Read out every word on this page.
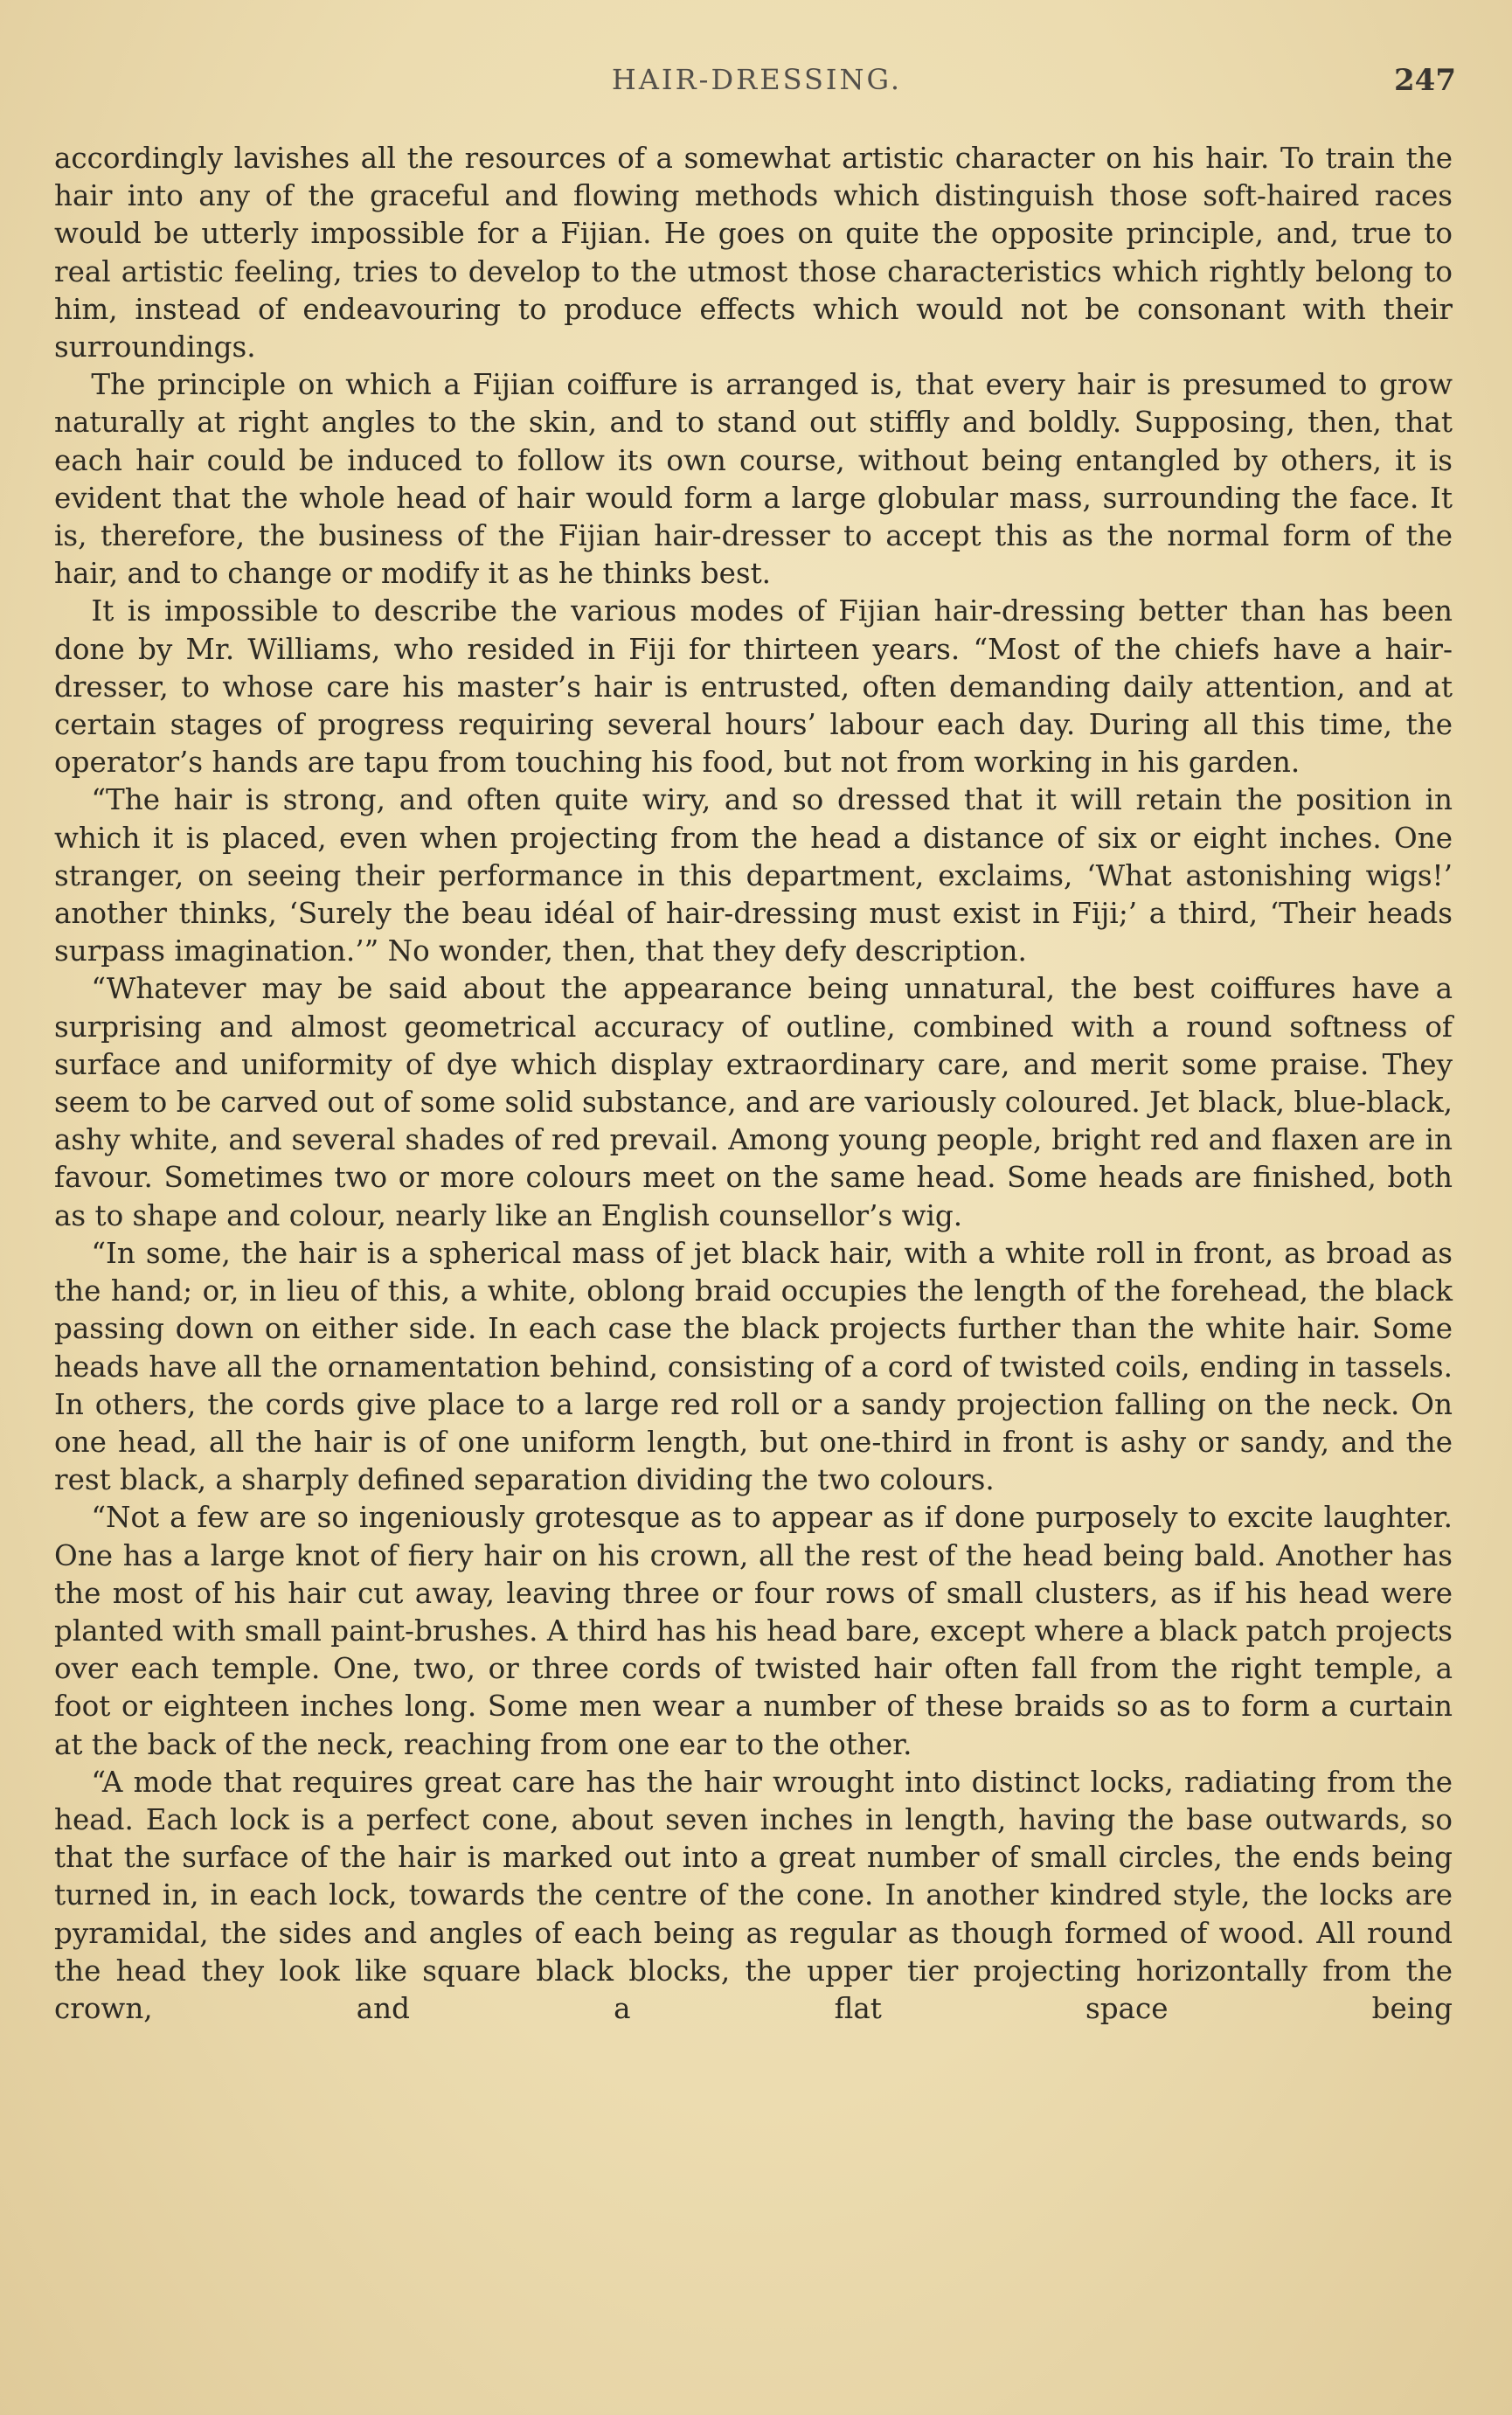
HAIR-DRESSING.	247

accordingly lavishes all the resources of a somewhat artistic character on his hair. To train the hair into any of the graceful and flowing methods which distinguish those soft-haired races would be utterly impossible for a Fijian. He goes on quite the opposite principle, and, true to real artistic feeling, tries to develop to the utmost those characteristics which rightly belong to him, instead of endeavouring to produce effects which would not be consonant with their surroundings.

The principle on which a Fijian coiffure is arranged is, that every hair is presumed to grow naturally at right angles to the skin, and to stand out stiffly and boldly. Supposing, then, that each hair could be induced to follow its own course, without being entangled by others, it is evident that the whole head of hair would form a large globular mass, surrounding the face. It is, therefore, the business of the Fijian hair-dresser to accept this as the normal form of the hair, and to change or modify it as he thinks best.

It is impossible to describe the various modes of Fijian hair-dressing better than has been done by Mr. Williams, who resided in Fiji for thirteen years. “Most of the chiefs have a hair-dresser, to whose care his master’s hair is entrusted, often demanding daily attention, and at certain stages of progress requiring several hours’ labour each day. During all this time, the operator’s hands are tapu from touching his food, but not from working in his garden.

“The hair is strong, and often quite wiry, and so dressed that it will retain the position in which it is placed, even when projecting from the head a distance of six or eight inches. One stranger, on seeing their performance in this department, exclaims, ‘What astonishing wigs!’ another thinks, ‘Surely the beau idéal of hair-dressing must exist in Fiji;’ a third, ‘Their heads surpass imagination.’” No wonder, then, that they defy description.

“Whatever may be said about the appearance being unnatural, the best coiffures have a surprising and almost geometrical accuracy of outline, combined with a round softness of surface and uniformity of dye which display extraordinary care, and merit some praise. They seem to be carved out of some solid substance, and are variously coloured. Jet black, blue-black, ashy white, and several shades of red prevail. Among young people, bright red and flaxen are in favour. Sometimes two or more colours meet on the same head. Some heads are finished, both as to shape and colour, nearly like an English counsellor’s wig.

“In some, the hair is a spherical mass of jet black hair, with a white roll in front, as broad as the hand; or, in lieu of this, a white, oblong braid occupies the length of the forehead, the black passing down on either side. In each case the black projects further than the white hair. Some heads have all the ornamentation behind, consisting of a cord of twisted coils, ending in tassels. In others, the cords give place to a large red roll or a sandy projection falling on the neck. On one head, all the hair is of one uniform length, but one-third in front is ashy or sandy, and the rest black, a sharply defined separation dividing the two colours.

“Not a few are so ingeniously grotesque as to appear as if done purposely to excite laughter. One has a large knot of fiery hair on his crown, all the rest of the head being bald. Another has the most of his hair cut away, leaving three or four rows of small clusters, as if his head were planted with small paint-brushes. A third has his head bare, except where a black patch projects over each temple. One, two, or three cords of twisted hair often fall from the right temple, a foot or eighteen inches long. Some men wear a number of these braids so as to form a curtain at the back of the neck, reaching from one ear to the other.

“A mode that requires great care has the hair wrought into distinct locks, radiating from the head. Each lock is a perfect cone, about seven inches in length, having the base outwards, so that the surface of the hair is marked out into a great number of small circles, the ends being turned in, in each lock, towards the centre of the cone. In another kindred style, the locks are pyramidal, the sides and angles of each being as regular as though formed of wood. All round the head they look like square black blocks, the upper tier projecting horizontally from the crown, and a flat space being
